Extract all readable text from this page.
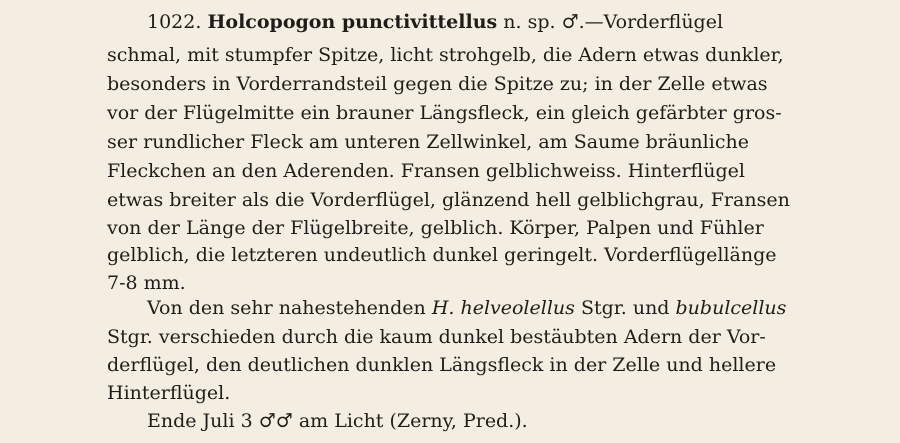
1022. Holcopogon punctivittellus n. sp. ♂.—Vorderflügel
schmal, mit stumpfer Spitze, licht strohgelb, die Adern etwas dunkler,
besonders in Vorderrandsteil gegen die Spitze zu; in der Zelle etwas
vor der Flügelmitte ein brauner Längsfleck, ein gleich gefärbter gros-
ser rundlicher Fleck am unteren Zellwinkel, am Saume bräunliche
Fleckchen an den Aderenden. Fransen gelblichweiss. Hinterflügel
etwas breiter als die Vorderflügel, glänzend hell gelblichgrau, Fransen
von der Länge der Flügelbreite, gelblich. Körper, Palpen und Fühler
gelblich, die letzteren undeutlich dunkel geringelt. Vorderflügellänge
7-8 mm.
Von den sehr nahestehenden H. helveolellus Stgr. und bubulcellus
Stgr. verschieden durch die kaum dunkel bestäubten Adern der Vor-
derflügel, den deutlichen dunklen Längsfleck in der Zelle und hellere
Hinterflügel.
Ende Juli 3 ♂♂ am Licht (Zerny, Pred.).
